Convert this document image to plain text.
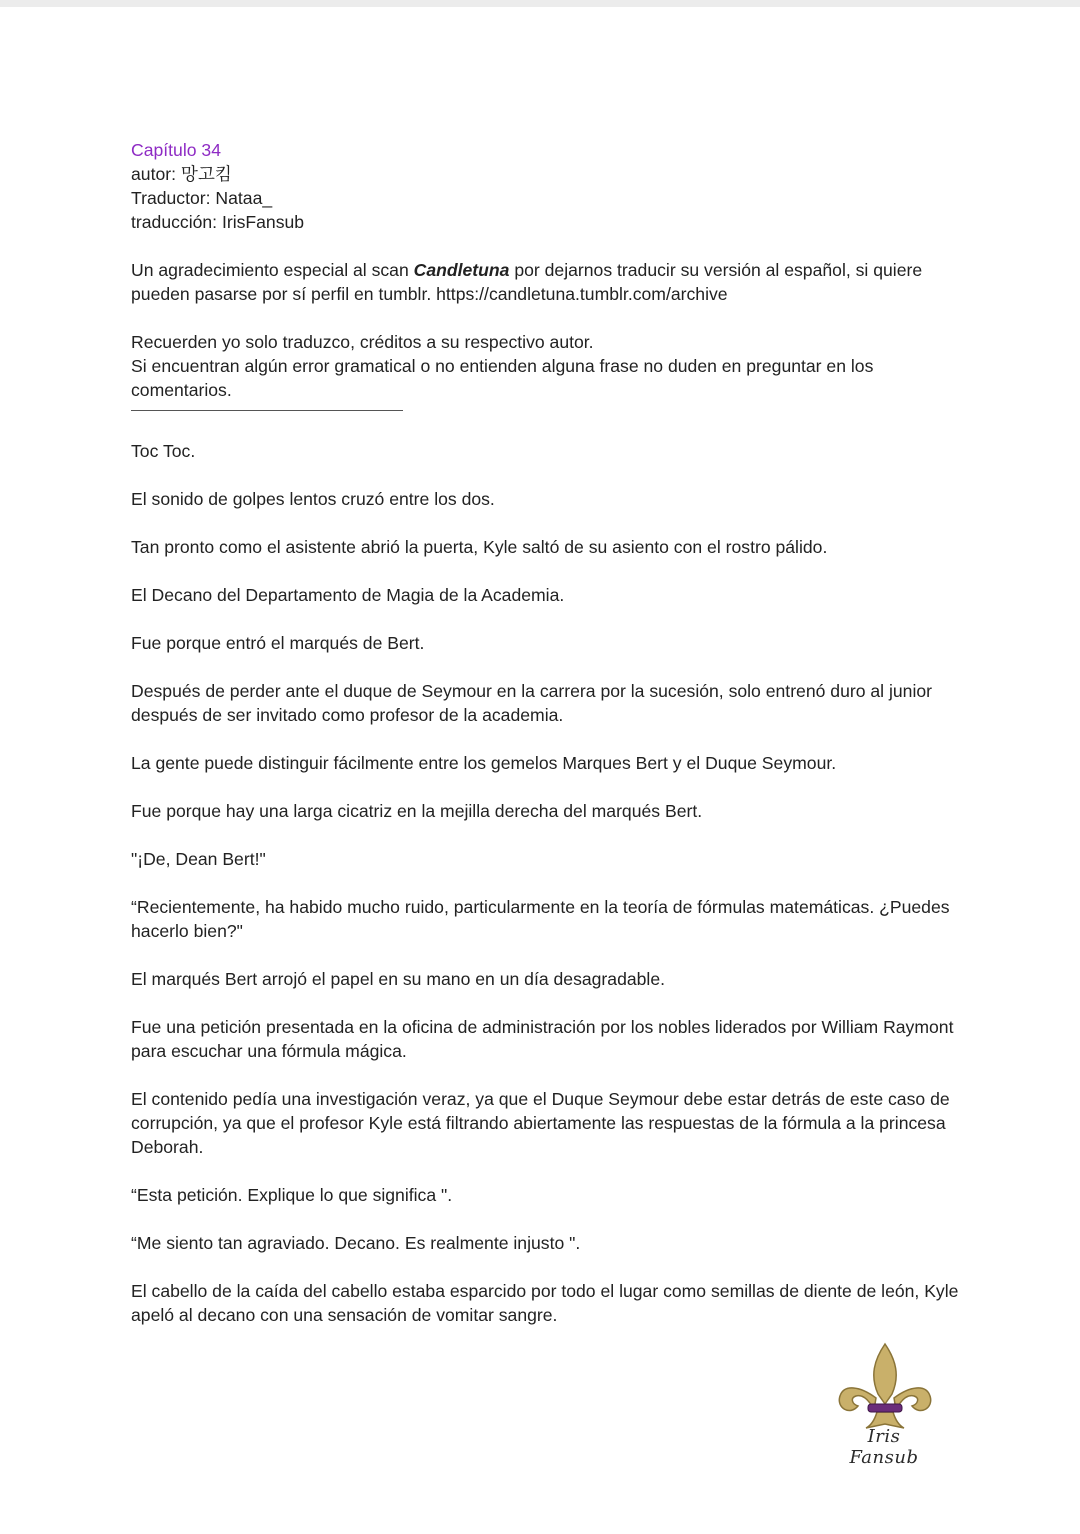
Capítulo 34

autor: 망고킴

Traductor: Nataa_

traducción: IrisFansub

Un agradecimiento especial al scan Candletuna por dejarnos traducir su versión al español, si quiere pueden pasarse por sí perfil en tumblr. https://candletuna.tumblr.com/archive

Recuerden yo solo traduzco, créditos a su respectivo autor.

Si encuentran algún error gramatical o no entienden alguna frase no duden en preguntar en los comentarios.

Toc Toc.

El sonido de golpes lentos cruzó entre los dos.

Tan pronto como el asistente abrió la puerta, Kyle saltó de su asiento con el rostro pálido.

El Decano del Departamento de Magia de la Academia.

Fue porque entró el marqués de Bert.

Después de perder ante el duque de Seymour en la carrera por la sucesión, solo entrenó duro al junior después de ser invitado como profesor de la academia.

La gente puede distinguir fácilmente entre los gemelos Marques Bert y el Duque Seymour.

Fue porque hay una larga cicatriz en la mejilla derecha del marqués Bert.

"¡De, Dean Bert!"

“Recientemente, ha habido mucho ruido, particularmente en la teoría de fórmulas matemáticas. ¿Puedes hacerlo bien?"

El marqués Bert arrojó el papel en su mano en un día desagradable.

Fue una petición presentada en la oficina de administración por los nobles liderados por William Raymont para escuchar una fórmula mágica.

El contenido pedía una investigación veraz, ya que el Duque Seymour debe estar detrás de este caso de corrupción, ya que el profesor Kyle está filtrando abiertamente las respuestas de la fórmula a la princesa Deborah.

“Esta petición. Explique lo que significa ".

“Me siento tan agraviado. Decano. Es realmente injusto ".

El cabello de la caída del cabello estaba esparcido por todo el lugar como semillas de diente de león, Kyle apeló al decano con una sensación de vomitar sangre.

Iris Fansub
